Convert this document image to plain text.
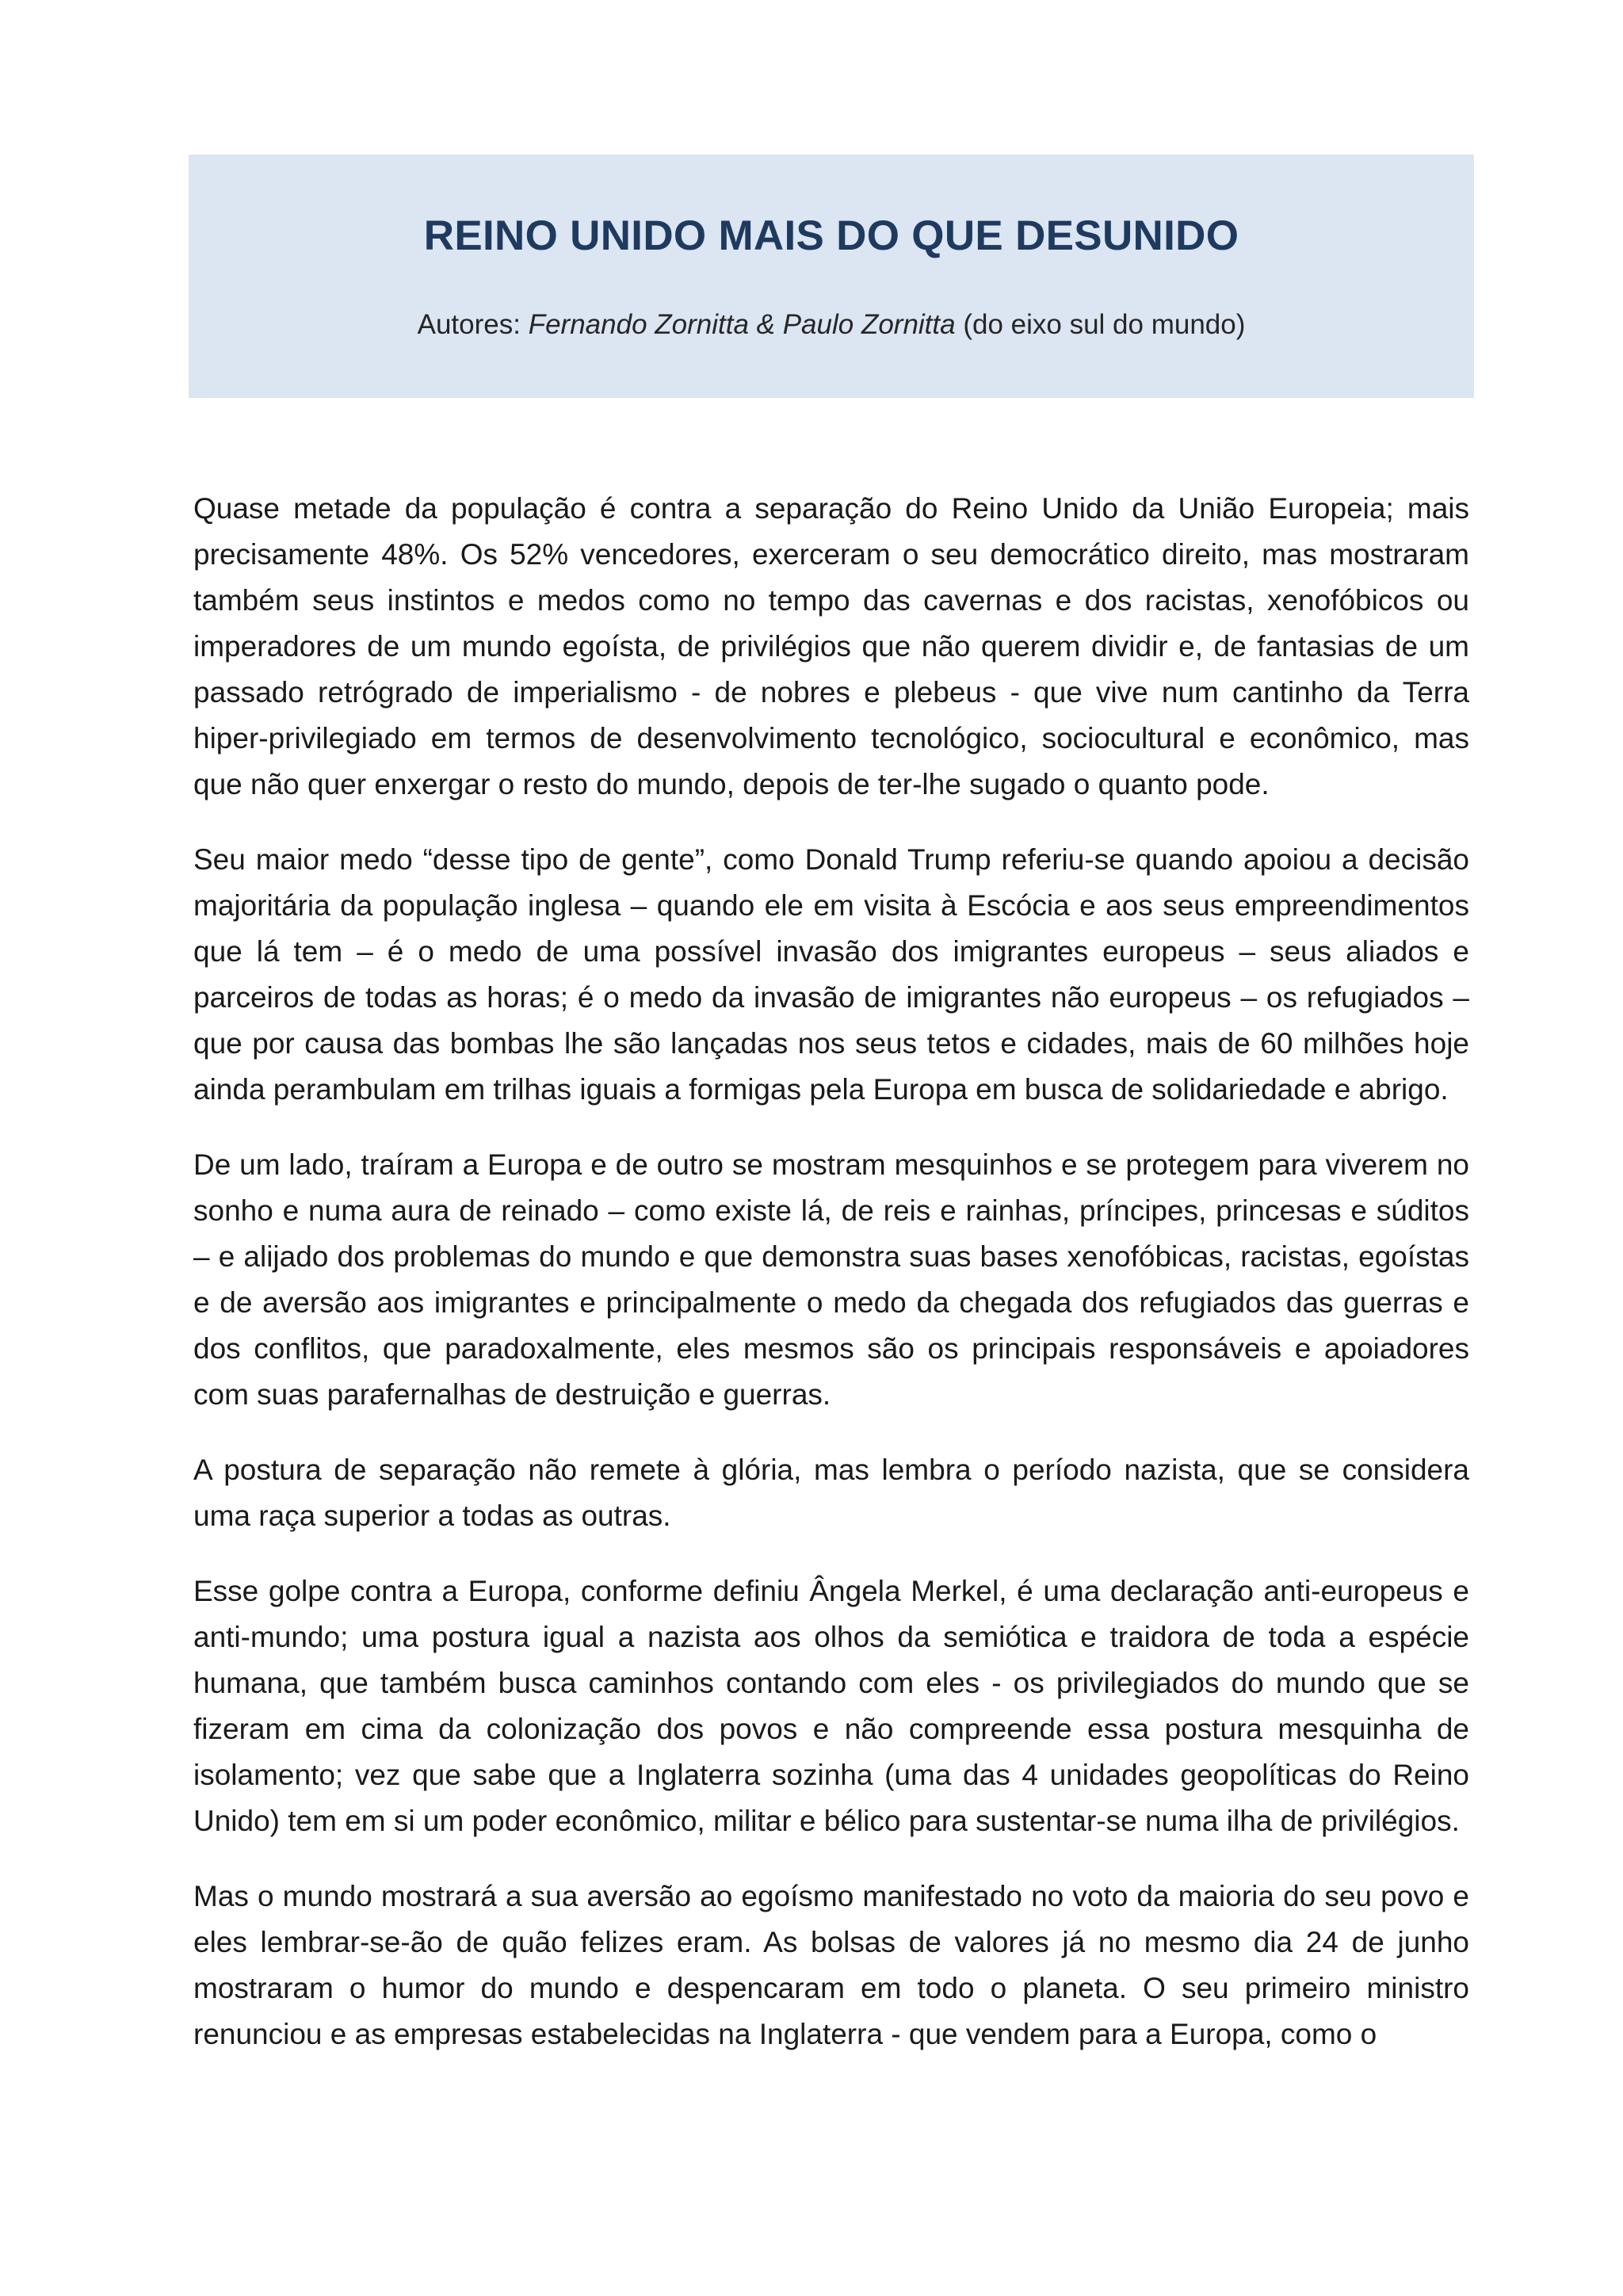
REINO UNIDO MAIS DO QUE DESUNIDO

Autores: Fernando Zornitta & Paulo Zornitta (do eixo sul do mundo)

Quase metade da população é contra a separação do Reino Unido da União Europeia; mais precisamente 48%. Os 52% vencedores, exerceram o seu democrático direito, mas mostraram também seus instintos e medos como no tempo das cavernas e dos racistas, xenofóbicos ou imperadores de um mundo egoísta, de privilégios que não querem dividir e, de fantasias de um passado retrógrado de imperialismo - de nobres e plebeus - que vive num cantinho da Terra hiper-privilegiado em termos de desenvolvimento tecnológico, sociocultural e econômico, mas que não quer enxergar o resto do mundo, depois de ter-lhe sugado o quanto pode.

Seu maior medo “desse tipo de gente”, como Donald Trump referiu-se quando apoiou a decisão majoritária da população inglesa – quando ele em visita à Escócia e aos seus empreendimentos que lá tem – é o medo de uma possível invasão dos imigrantes europeus – seus aliados e parceiros de todas as horas; é o medo da invasão de imigrantes não europeus – os refugiados – que por causa das bombas lhe são lançadas nos seus tetos e cidades, mais de 60 milhões hoje ainda perambulam em trilhas iguais a formigas pela Europa em busca de solidariedade e abrigo.

De um lado, traíram a Europa e de outro se mostram mesquinhos e se protegem para viverem no sonho e numa aura de reinado – como existe lá, de reis e rainhas, príncipes, princesas e súditos – e alijado dos problemas do mundo e que demonstra suas bases xenofóbicas, racistas, egoístas e de aversão aos imigrantes e principalmente o medo da chegada dos refugiados das guerras e dos conflitos, que paradoxalmente, eles mesmos são os principais responsáveis e apoiadores com suas parafernalhas de destruição e guerras.

A postura de separação não remete à glória, mas lembra o período nazista, que se considera uma raça superior a todas as outras.

Esse golpe contra a Europa, conforme definiu Ângela Merkel, é uma declaração anti-europeus e anti-mundo; uma postura igual a nazista aos olhos da semiótica e traidora de toda a espécie humana, que também busca caminhos contando com eles - os privilegiados do mundo que se fizeram em cima da colonização dos povos e não compreende essa postura mesquinha de isolamento; vez que sabe que a Inglaterra sozinha (uma das 4 unidades geopolíticas do Reino Unido) tem em si um poder econômico, militar e bélico para sustentar-se numa ilha de privilégios.

Mas o mundo mostrará a sua aversão ao egoísmo manifestado no voto da maioria do seu povo e eles lembrar-se-ão de quão felizes eram. As bolsas de valores já no mesmo dia 24 de junho mostraram o humor do mundo e despencaram em todo o planeta. O seu primeiro ministro renunciou e as empresas estabelecidas na Inglaterra - que vendem para a Europa, como o
